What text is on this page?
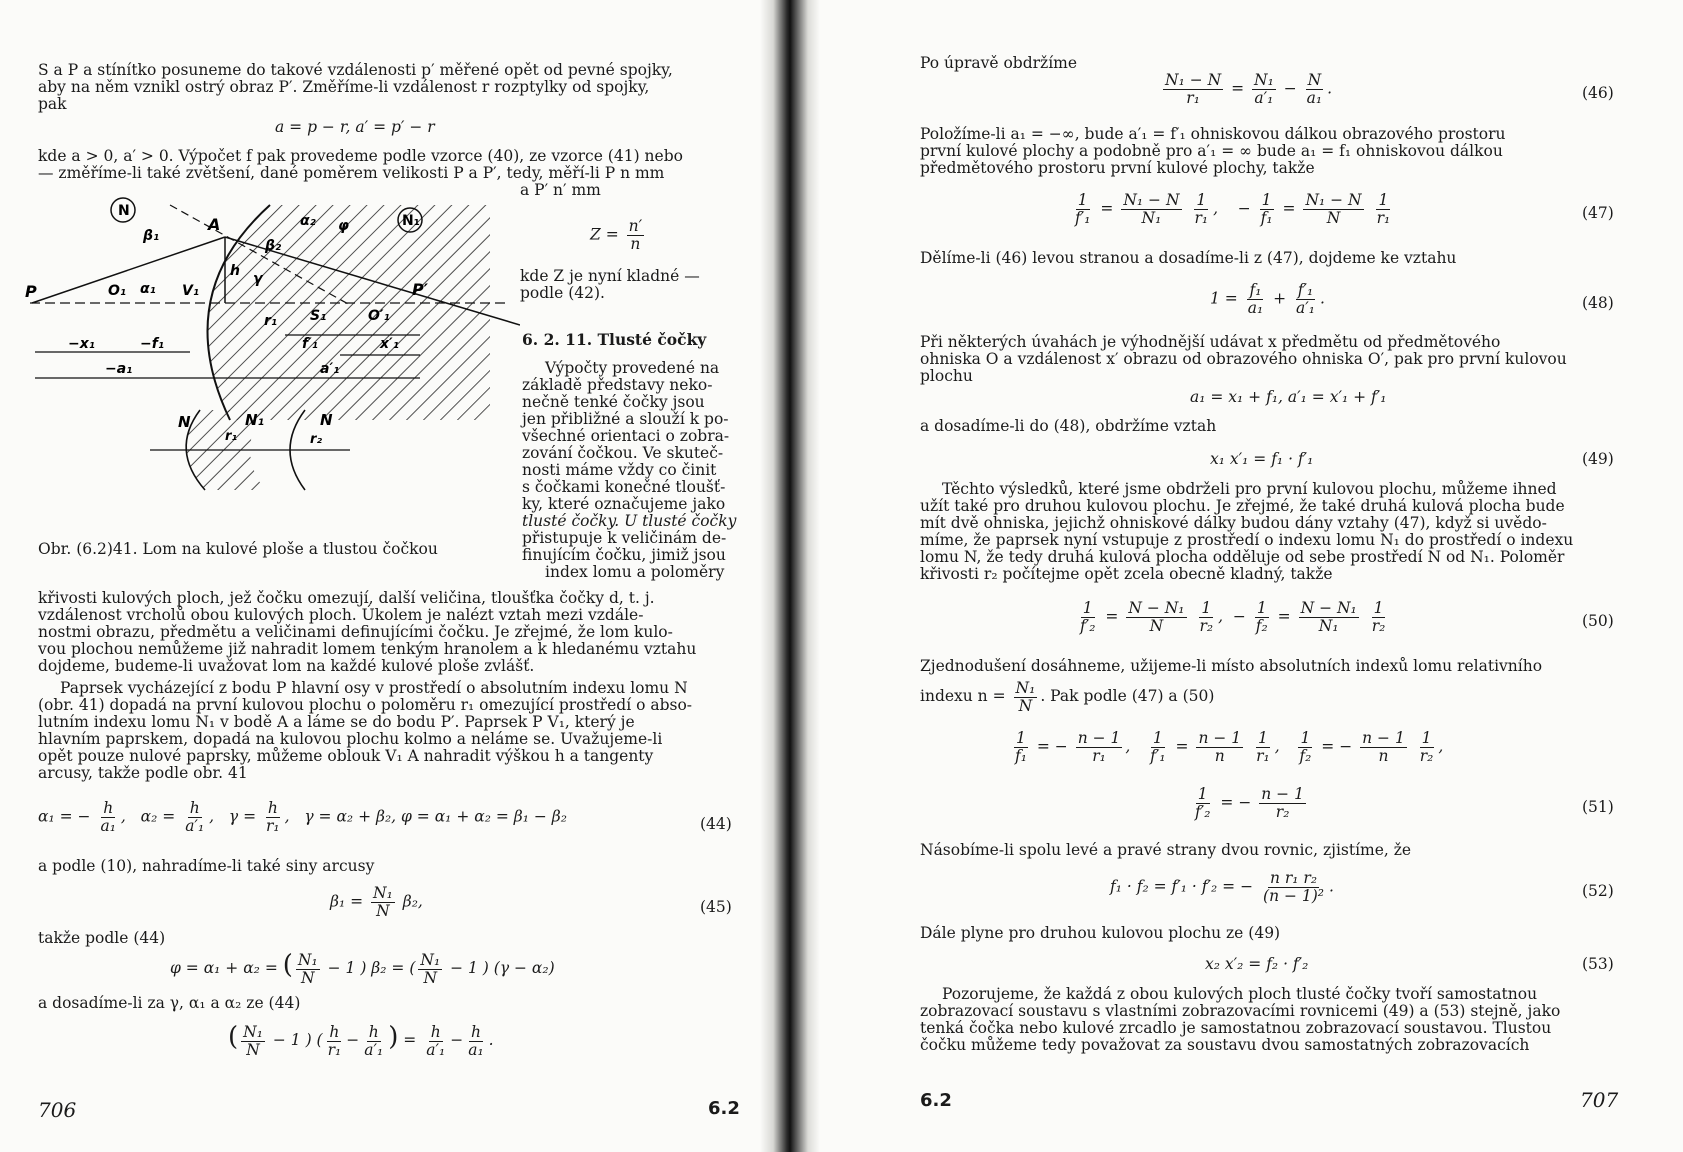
S a P a stínítko posuneme do takové vzdálenosti p′ měřené opět od pevné spojky,
aby na něm vznikl ostrý obraz P′. Změříme-li vzdálenost r rozptylky od spojky,
pak
a = p − r, a′ = p′ − r
kde a > 0, a′ > 0. Výpočet f pak provedeme podle vzorce (40), ze vzorce (41) nebo
— změříme-li také zvětšení, dané poměrem velikosti P a P′, tedy, měří-li P n mm
a P′ n′ mm
N
N₁
P	P′
A
O₁	V₁
S₁	O′₁
α₁
β₁
β₂
α₂
γ
φ
h
r₁
f′₁	x′₁
a′₁
−x₁	−f₁
−a₁
N	N₁	N
r₁	r₂
$Z = \frac{n'}{n}$
kde Z je nyní kladné —
podle (42).
6. 2. 11. Tlusté čočky
Výpočty provedené na
základě představy neko-
nečně tenké čočky jsou
jen přibližné a slouží k po-
všechné orientaci o zobra-
zování čočkou. Ve skuteč-
nosti máme vždy co činit
s čočkami konečné tloušť-
ky, které označujeme jako
tlusté čočky. U tlusté čočky
přistupuje k veličinám de-
finujícím čočku, jimiž jsou
index lomu a poloměry
Obr. (6.2)41. Lom na kulové ploše a tlustou čočkou
křivosti kulových ploch, jež čočku omezují, další veličina, tloušťka čočky d, t. j.
vzdálenost vrcholů obou kulových ploch. Úkolem je nalézt vztah mezi vzdále-
nostmi obrazu, předmětu a veličinami definujícími čočku. Je zřejmé, že lom kulo-
vou plochou nemůžeme již nahradit lomem tenkým hranolem a k hledanému vztahu
dojdeme, budeme-li uvažovat lom na každé kulové ploše zvlášť.
Paprsek vycházející z bodu P hlavní osy v prostředí o absolutním indexu lomu N
(obr. 41) dopadá na první kulovou plochu o poloměru r₁ omezující prostředí o abso-
lutním indexu lomu N₁ v bodě A a láme se do bodu P′. Paprsek P V₁, který je
hlavním paprskem, dopadá na kulovou plochu kolmo a neláme se. Uvažujeme-li
opět pouze nulové paprsky, můžeme oblouk V₁ A nahradit výškou h a tangenty
arcusy, takže podle obr. 41
α₁ = − $\frac{h}{\text{a₁}}$ ,   $\alpha_2 = \frac{h}{\text{a′₁}}$ ,   $\gamma = \frac{h}{\text{r₁}}$ ,   γ = α₂ + β₂, φ = α₁ + α₂ = β₁ − β₂	(44)
a podle (10), nahradíme-li také siny arcusy
$\beta_1 = \frac{\text{N₁}}{N} \beta_2$,	(45)
takže podle (44)
φ = α₁ + α₂ = ( $\frac{\text{N₁}}{N} - 1$ ) β₂ = ( $\frac{\text{N₁}}{N} - 1$ ) (γ − α₂)
a dosadíme-li za γ, α₁ a α₂ ze (44)
( $\frac{\text{N₁}}{N} - 1$ ) ( $\frac{h}{\text{r₁}} - \frac{h}{\text{a′₁}}$ ) = $\frac{h}{\text{a′₁}} - \frac{h}{\text{a₁}}$ .
706	6.2
Po úpravě obdržíme
$\frac{\text{N₁ − N}}{\text{r₁}} = \frac{\text{N₁}}{\text{a′₁}} - \frac{N}{\text{a₁}}$ .	(46)
Položíme-li a₁ = −∞, bude a′₁ = f′₁ ohniskovou dálkou obrazového prostoru
první kulové plochy a podobně pro a′₁ = ∞ bude a₁ = f₁ ohniskovou dálkou
předmětového prostoru první kulové plochy, takže
$\frac{1}{\text{f′₁}} = \frac{\text{N₁ − N}}{\text{N₁}}$
$\frac{1}{\text{r₁}}$ ,    − $\frac{1}{\text{f₁}} = \frac{\text{N₁ − N}}{N}$
$\frac{1}{\text{r₁}}$	(47)
Dělíme-li (46) levou stranou a dosadíme-li z (47), dojdeme ke vztahu
$1 = \frac{\text{f₁}}{\text{a₁}} + \frac{\text{f′₁}}{\text{a′₁}}$ .	(48)
Při některých úvahách je výhodnější udávat x předmětu od předmětového
ohniska O a vzdálenost x′ obrazu od obrazového ohniska O′, pak pro první kulovou
plochu
a₁ = x₁ + f₁, a′₁ = x′₁ + f′₁
a dosadíme-li do (48), obdržíme vztah
x₁ x′₁ = f₁ · f′₁	(49)
Těchto výsledků, které jsme obdrželi pro první kulovou plochu, můžeme ihned
užít také pro druhou kulovou plochu. Je zřejmé, že také druhá kulová plocha bude
mít dvě ohniska, jejichž ohniskové dálky budou dány vztahy (47), když si uvědo-
míme, že paprsek nyní vstupuje z prostředí o indexu lomu N₁ do prostředí o indexu
lomu N, že tedy druhá kulová plocha odděluje od sebe prostředí N od N₁. Poloměr
křivosti r₂ počítejme opět zcela obecně kladný, takže
$\frac{1}{\text{f′₂}} = \frac{\text{N − N₁}}{N}$
$\frac{1}{\text{r₂}}$ ,  − $\frac{1}{\text{f₂}} = \frac{\text{N − N₁}}{\text{N₁}}$
$\frac{1}{\text{r₂}}$	(50)
Zjednodušení dosáhneme, užijeme-li místo absolutních indexů lomu relativního
indexu $n = \frac{\text{N₁}}{N}$ . Pak podle (47) a (50)
$\frac{1}{\text{f₁}}$ = − $\frac{n - 1}{\text{r₁}}$ , $\frac{1}{\text{f′₁}} = \frac{n - 1}{n}$
$\frac{1}{\text{r₁}}$ , $\frac{1}{\text{f₂}}$ = − $\frac{n - 1}{n}$
$\frac{1}{\text{r₂}}$ ,
$\frac{1}{\text{f′₂}}$ = − $\frac{n - 1}{\text{r₂}}$	(51)
Násobíme-li spolu levé a pravé strany dvou rovnic, zjistíme, že
f₁ · f₂ = f′₁ · f′₂ = − $\frac{\text{n r₁ r₂}}{\text{(n − 1)²}}$ .	(52)
Dále plyne pro druhou kulovou plochu ze (49)
x₂ x′₂ = f₂ · f′₂	(53)
Pozorujeme, že každá z obou kulových ploch tlusté čočky tvoří samostatnou
zobrazovací soustavu s vlastními zobrazovacími rovnicemi (49) a (53) stejně, jako
tenká čočka nebo kulové zrcadlo je samostatnou zobrazovací soustavou. Tlustou
čočku můžeme tedy považovat za soustavu dvou samostatných zobrazovacích
6.2	707
